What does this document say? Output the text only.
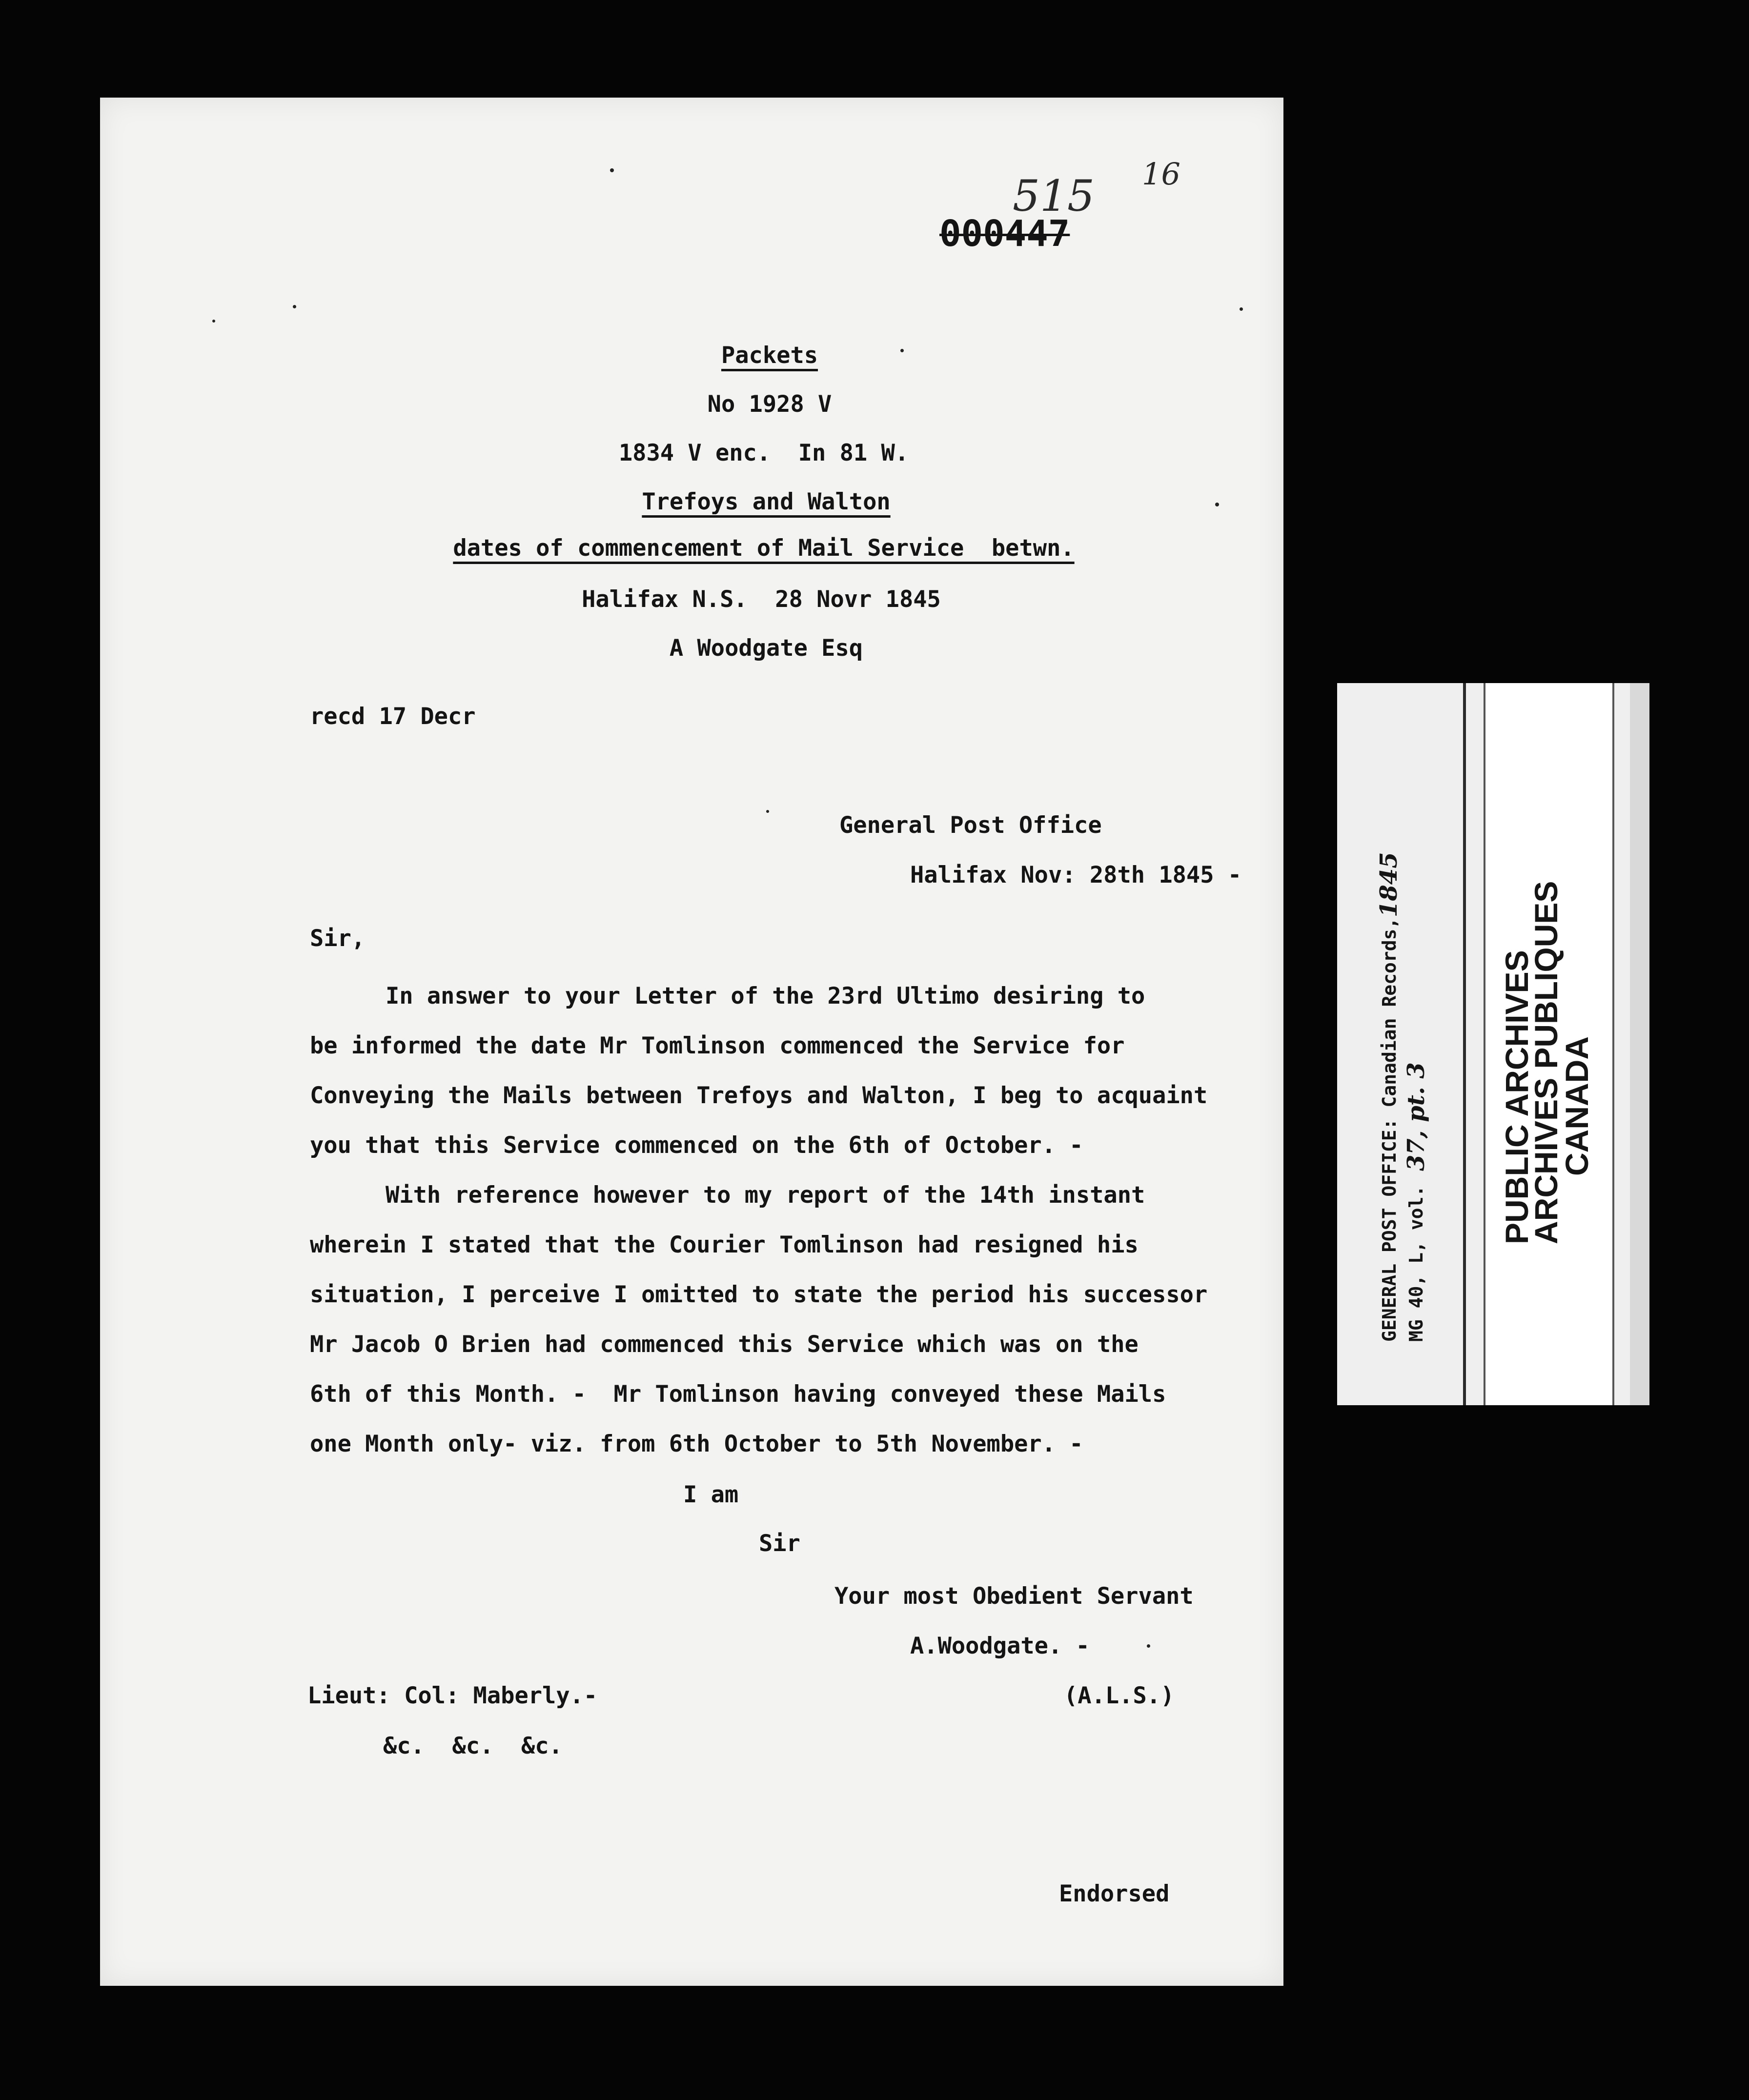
515 16
000447
Packets
No 1928 V
1834 V enc.  In 81 W.
Trefoys and Walton
dates of commencement of Mail Service  betwn.
Halifax N.S.  28 Novr 1845
A Woodgate Esq
recd 17 Decr
General Post Office
Halifax Nov: 28th 1845 -
Sir,
In answer to your Letter of the 23rd Ultimo desiring to
be informed the date Mr Tomlinson commenced the Service for
Conveying the Mails between Trefoys and Walton, I beg to acquaint
you that this Service commenced on the 6th of October. -
With reference however to my report of the 14th instant
wherein I stated that the Courier Tomlinson had resigned his
situation, I perceive I omitted to state the period his successor
Mr Jacob O Brien had commenced this Service which was on the
6th of this Month. -  Mr Tomlinson having conveyed these Mails
one Month only- viz. from 6th October to 5th November. -
I am
Sir
Your most Obedient Servant
A.Woodgate. -
(A.L.S.)
Lieut: Col: Maberly.-
&c.  &c.  &c.
Endorsed
GENERAL POST OFFICE: Canadian Records,
1845
MG 40, L, vol.
37, pt. 3 PUBLIC ARCHIVES
ARCHIVES PUBLIQUES
CANADA
